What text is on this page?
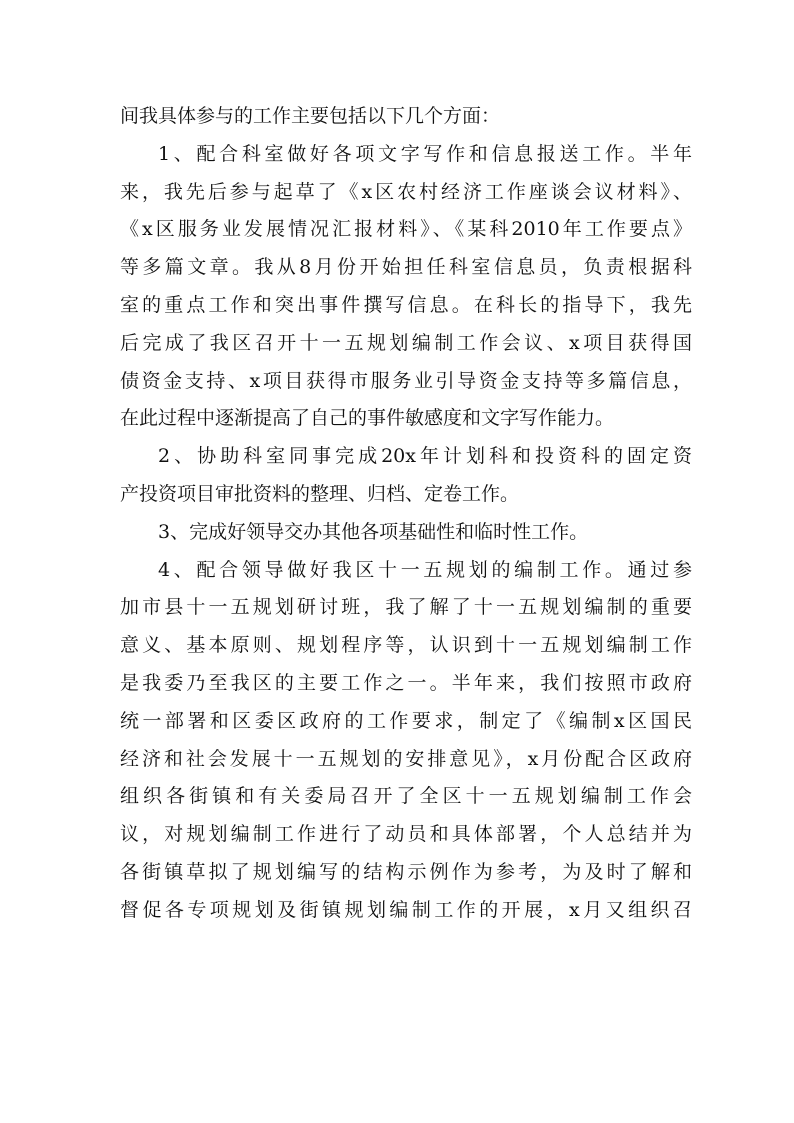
间我具体参与的工作主要包括以下几个方面：
1、配合科室做好各项文字写作和信息报送工作。半年
来，我先后参与起草了《x区农村经济工作座谈会议材料》、
《x区服务业发展情况汇报材料》、《某科2010年工作要点》
等多篇文章。我从8月份开始担任科室信息员，负责根据科
室的重点工作和突出事件撰写信息。在科长的指导下，我先
后完成了我区召开十一五规划编制工作会议、x项目获得国
债资金支持、x项目获得市服务业引导资金支持等多篇信息，
在此过程中逐渐提高了自己的事件敏感度和文字写作能力。
2、协助科室同事完成20x年计划科和投资科的固定资
产投资项目审批资料的整理、归档、定卷工作。
3、完成好领导交办其他各项基础性和临时性工作。
4、配合领导做好我区十一五规划的编制工作。通过参
加市县十一五规划研讨班，我了解了十一五规划编制的重要
意义、基本原则、规划程序等，认识到十一五规划编制工作
是我委乃至我区的主要工作之一。半年来，我们按照市政府
统一部署和区委区政府的工作要求，制定了《编制x区国民
经济和社会发展十一五规划的安排意见》，x月份配合区政府
组织各街镇和有关委局召开了全区十一五规划编制工作会
议，对规划编制工作进行了动员和具体部署，个人总结并为
各街镇草拟了规划编写的结构示例作为参考，为及时了解和
督促各专项规划及街镇规划编制工作的开展，x月又组织召
